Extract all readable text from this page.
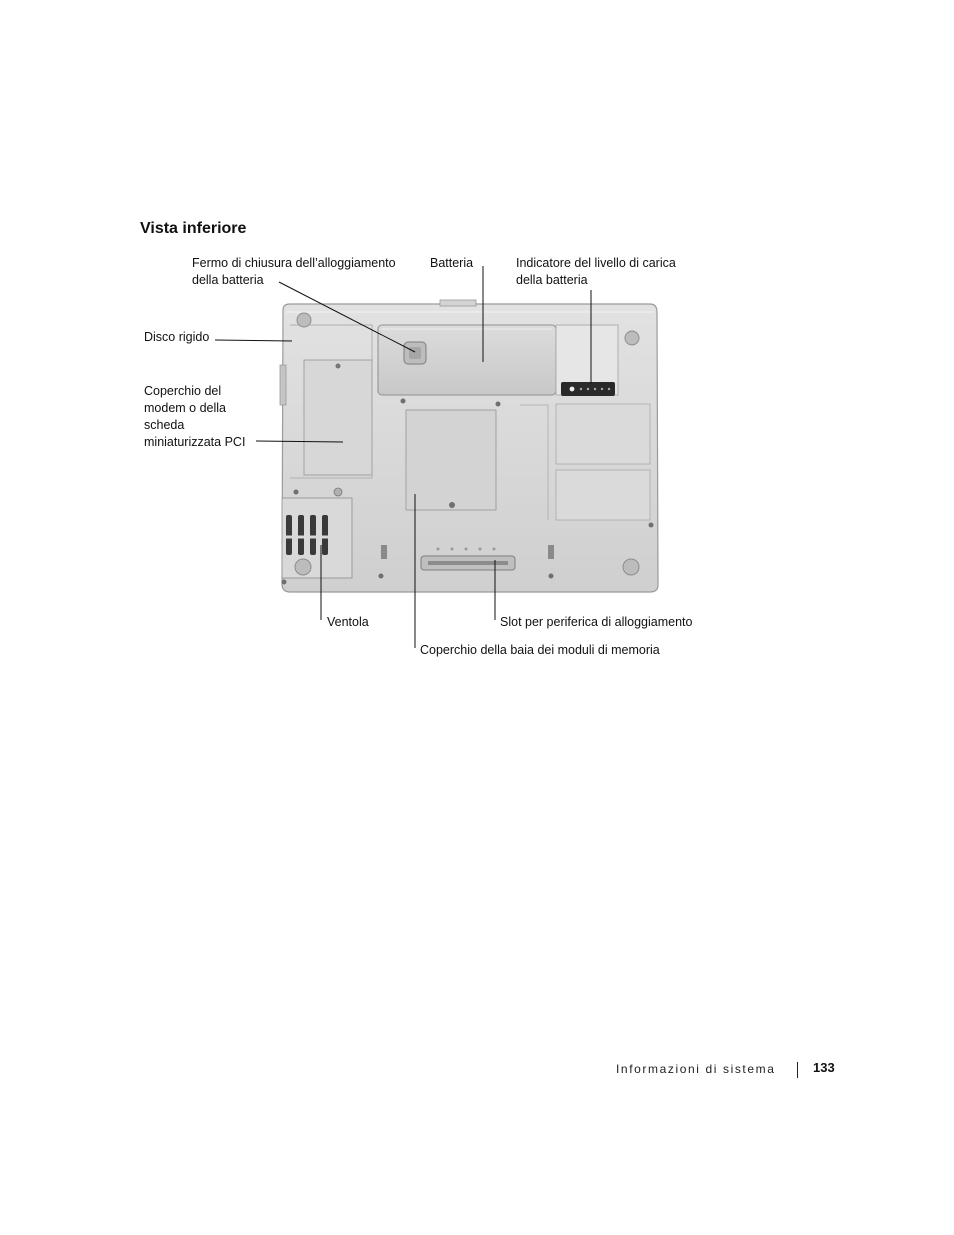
Vista inferiore
Fermo di chiusura dell’alloggiamento
della batteria
Batteria	Indicatore del livello di carica
della batteria
Disco rigido
Coperchio del
modem o della
scheda
miniaturizzata PCI
Ventola	Slot per periferica di alloggiamento
Coperchio della baia dei moduli di memoria
Informazioni di sistema	133
